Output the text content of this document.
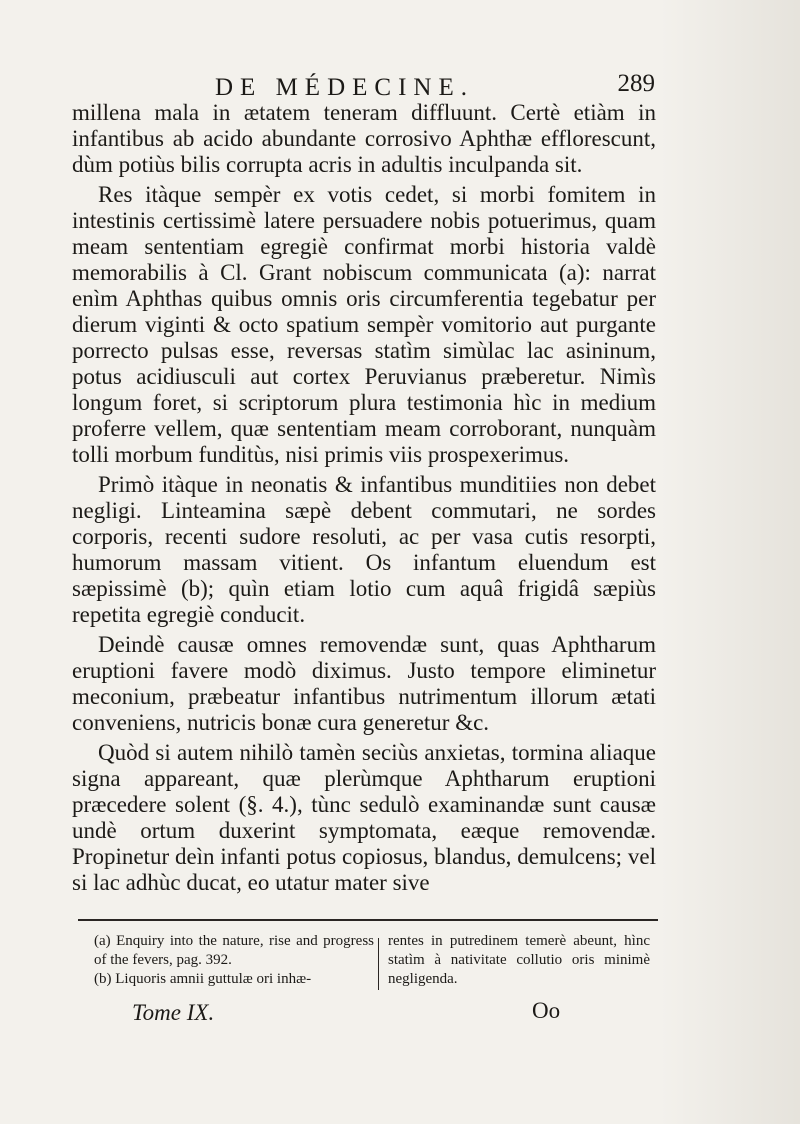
DE MÉDECINE.	289

millena mala in ætatem teneram diffluunt. Certè etiàm in infantibus ab acido abundante corrosivo Aphthæ efflorescunt, dùm potiùs bilis corrupta acris in adultis inculpanda sit.

Res itàque sempèr ex votis cedet, si morbi fomitem in intestinis certissimè latere persuadere nobis potuerimus, quam meam sententiam egregiè confirmat morbi historia valdè memorabilis à Cl. Grant nobiscum communicata (a): narrat enìm Aphthas quibus omnis oris circumferentia tegebatur per dierum viginti & octo spatium sempèr vomitorio aut purgante porrecto pulsas esse, reversas statìm simùlac lac asininum, potus acidiusculi aut cortex Peruvianus præberetur. Nimìs longum foret, si scriptorum plura testimonia hìc in medium proferre vellem, quæ sententiam meam corroborant, nunquàm tolli morbum funditùs, nisi primis viis prospexerimus.

Primò itàque in neonatis & infantibus munditiies non debet negligi. Linteamina sæpè debent commutari, ne sordes corporis, recenti sudore resoluti, ac per vasa cutis resorpti, humorum massam vitient. Os infantum eluendum est sæpissimè (b); quìn etiam lotio cum aquâ frigidâ sæpiùs repetita egregiè conducit.

Deindè causæ omnes removendæ sunt, quas Aphtharum eruptioni favere modò diximus. Justo tempore eliminetur meconium, præbeatur infantibus nutrimentum illorum ætati conveniens, nutricis bonæ cura generetur &c.

Quòd si autem nihilò tamèn seciùs anxietas, tormina aliaque signa appareant, quæ plerùmque Aphtharum eruptioni præcedere solent (§. 4.), tùnc sedulò examinandæ sunt causæ undè ortum duxerint symptomata, eæque removendæ. Propinetur deìn infanti potus copiosus, blandus, demulcens; vel si lac adhùc ducat, eo utatur mater sive

(a) Enquiry into the nature, rise and progress of the fevers, pag. 392.
(b) Liquoris amnii guttulæ ori inhæ-
rentes in putredinem temerè abeunt, hìnc statìm à nativitate collutio oris minimè negligenda.
Tome IX.	Oo
